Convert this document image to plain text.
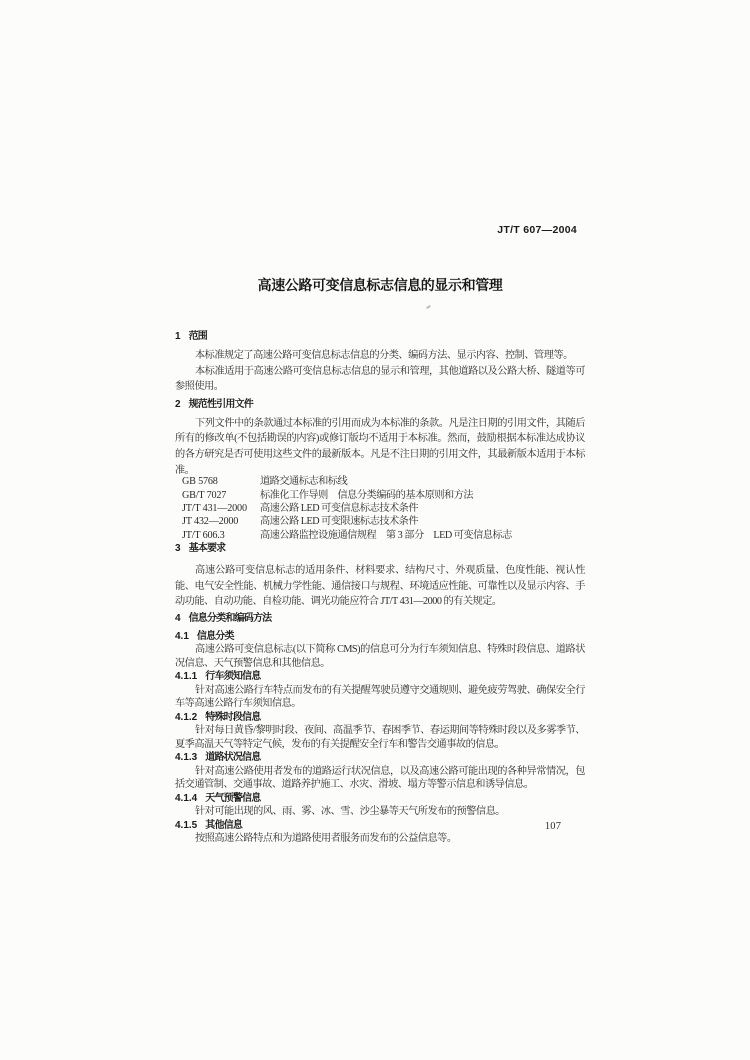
JT/T 607—2004
高速公路可变信息标志信息的显示和管理
1 范围

本标准规定了高速公路可变信息标志信息的分类、编码方法、显示内容、控制、管理等。

本标准适用于高速公路可变信息标志信息的显示和管理，其他道路以及公路大桥、隧道等可参照使用。

2 规范性引用文件

下列文件中的条款通过本标准的引用而成为本标准的条款。凡是注日期的引用文件，其随后所有的修改单(不包括勘误的内容)或修订版均不适用于本标准。然而，鼓励根据本标准达成协议的各方研究是否可使用这些文件的最新版本。凡是不注日期的引用文件，其最新版本适用于本标准。

GB 5768	道路交通标志和标线
GB/T 7027	标准化工作导则　信息分类编码的基本原则和方法
JT/T 431—2000	高速公路 LED 可变信息标志技术条件
JT 432—2000	高速公路 LED 可变限速标志技术条件
JT/T 606.3	高速公路监控设施通信规程　第 3 部分　LED 可变信息标志
3 基本要求

高速公路可变信息标志的适用条件、材料要求、结构尺寸、外观质量、色度性能、视认性能、电气安全性能、机械力学性能、通信接口与规程、环境适应性能、可靠性以及显示内容、手动功能、自动功能、自检功能、调光功能应符合 JT/T 431—2000 的有关规定。

4 信息分类和编码方法
4.1 信息分类

高速公路可变信息标志(以下简称 CMS)的信息可分为行车须知信息、特殊时段信息、道路状况信息、天气预警信息和其他信息。

4.1.1 行车须知信息

针对高速公路行车特点而发布的有关提醒驾驶员遵守交通规则、避免疲劳驾驶、确保安全行车等高速公路行车须知信息。

4.1.2 特殊时段信息

针对每日黄昏/黎明时段、夜间、高温季节、春困季节、春运期间等特殊时段以及多雾季节、夏季高温天气等特定气候，发布的有关提醒安全行车和警告交通事故的信息。

4.1.3 道路状况信息

针对高速公路使用者发布的道路运行状况信息，以及高速公路可能出现的各种异常情况，包括交通管制、交通事故、道路养护施工、水灾、滑坡、塌方等警示信息和诱导信息。

4.1.4 天气预警信息

针对可能出现的风、雨、雾、冰、雪、沙尘暴等天气所发布的预警信息。

4.1.5 其他信息

按照高速公路特点和为道路使用者服务而发布的公益信息等。

107
